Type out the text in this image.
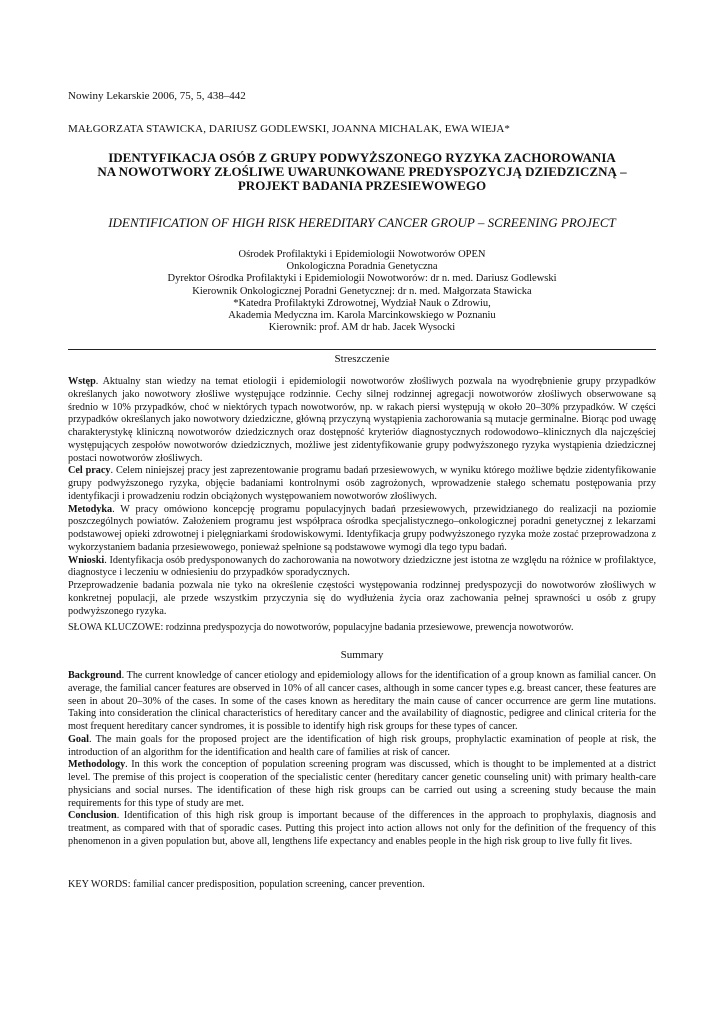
Nowiny Lekarskie 2006, 75, 5, 438–442
MAŁGORZATA STAWICKA, DARIUSZ GODLEWSKI, JOANNA MICHALAK, EWA WIEJA*
IDENTYFIKACJA OSÓB Z GRUPY PODWYŻSZONEGO RYZYKA ZACHOROWANIA
NA NOWOTWORY ZŁOŚLIWE UWARUNKOWANE PREDYSPOZYCJĄ DZIEDZICZNĄ –
PROJEKT BADANIA PRZESIEWOWEGO
IDENTIFICATION OF HIGH RISK HEREDITARY CANCER GROUP – SCREENING PROJECT
Ośrodek Profilaktyki i Epidemiologii Nowotworów OPEN
Onkologiczna Poradnia Genetyczna
Dyrektor Ośrodka Profilaktyki i Epidemiologii Nowotworów: dr n. med. Dariusz Godlewski
Kierownik Onkologicznej Poradni Genetycznej: dr n. med. Małgorzata Stawicka
*Katedra Profilaktyki Zdrowotnej, Wydział Nauk o Zdrowiu,
Akademia Medyczna im. Karola Marcinkowskiego w Poznaniu
Kierownik: prof. AM dr hab. Jacek Wysocki
Streszczenie

Wstęp. Aktualny stan wiedzy na temat etiologii i epidemiologii nowotworów złośliwych pozwala na wyodrębnienie grupy przypadków określanych jako nowotwory złośliwe występujące rodzinnie. Cechy silnej rodzinnej agregacji nowotworów złośliwych obserwowane są średnio w 10% przypadków, choć w niektórych typach nowotworów, np. w rakach piersi występują w około 20–30% przypadków. W części przypadków określanych jako nowotwory dziedziczne, główną przyczyną wystąpienia zachorowania są mutacje germinalne. Biorąc pod uwagę charakterystykę kliniczną nowotworów dziedzicznych oraz dostępność kryteriów diagnostycznych rodowodowo–klinicznych dla najczęściej występujących zespołów nowotworów dziedzicznych, możliwe jest zidentyfikowanie grupy podwyższonego ryzyka wystąpienia dziedzicznej postaci nowotworów złośliwych.

Cel pracy. Celem niniejszej pracy jest zaprezentowanie programu badań przesiewowych, w wyniku którego możliwe będzie zidentyfikowanie grupy podwyższonego ryzyka, objęcie badaniami kontrolnymi osób zagrożonych, wprowadzenie stałego schematu postępowania przy identyfikacji i prowadzeniu rodzin obciążonych występowaniem nowotworów złośliwych.

Metodyka. W pracy omówiono koncepcję programu populacyjnych badań przesiewowych, przewidzianego do realizacji na poziomie poszczególnych powiatów. Założeniem programu jest współpraca ośrodka specjalistycznego–onkologicznej poradni genetycznej z lekarzami podstawowej opieki zdrowotnej i pielęgniarkami środowiskowymi. Identyfikacja grupy podwyższonego ryzyka może zostać przeprowadzona z wykorzystaniem badania przesiewowego, ponieważ spełnione są podstawowe wymogi dla tego typu badań.

Wnioski. Identyfikacja osób predysponowanych do zachorowania na nowotwory dziedziczne jest istotna ze względu na różnice w profilaktyce, diagnostyce i leczeniu w odniesieniu do przypadków sporadycznych.

Przeprowadzenie badania pozwala nie tyko na określenie częstości występowania rodzinnej predyspozycji do nowotworów złośliwych w konkretnej populacji, ale przede wszystkim przyczynia się do wydłużenia życia oraz zachowania pełnej sprawności u osób z grupy podwyższonego ryzyka.

SŁOWA KLUCZOWE: rodzinna predyspozycja do nowotworów, populacyjne badania przesiewowe, prewencja nowotworów.
Summary

Background. The current knowledge of cancer etiology and epidemiology allows for the identification of a group known as familial cancer. On average, the familial cancer features are observed in 10% of all cancer cases, although in some cancer types e.g. breast cancer, these features are seen in about 20–30% of the cases. In some of the cases known as hereditary the main cause of cancer occurrence are germ line mutations. Taking into consideration the clinical characteristics of hereditary cancer and the availability of diagnostic, pedigree and clinical criteria for the most frequent hereditary cancer syndromes, it is possible to identify high risk groups for these types of cancer.

Goal. The main goals for the proposed project are the identification of high risk groups, prophylactic examination of people at risk, the introduction of an algorithm for the identification and health care of families at risk of cancer.

Methodology. In this work the conception of population screening program was discussed, which is thought to be implemented at a district level. The premise of this project is cooperation of the specialistic center (hereditary cancer genetic counseling unit) with primary health-care physicians and social nurses. The identification of these high risk groups can be carried out using a screening study because the main requirements for this type of study are met.

Conclusion. Identification of this high risk group is important because of the differences in the approach to prophylaxis, diagnosis and treatment, as compared with that of sporadic cases. Putting this project into action allows not only for the definition of the frequency of this phenomenon in a given population but, above all, lengthens life expectancy and enables people in the high risk group to live fully fit lives.

KEY WORDS: familial cancer predisposition, population screening, cancer prevention.
